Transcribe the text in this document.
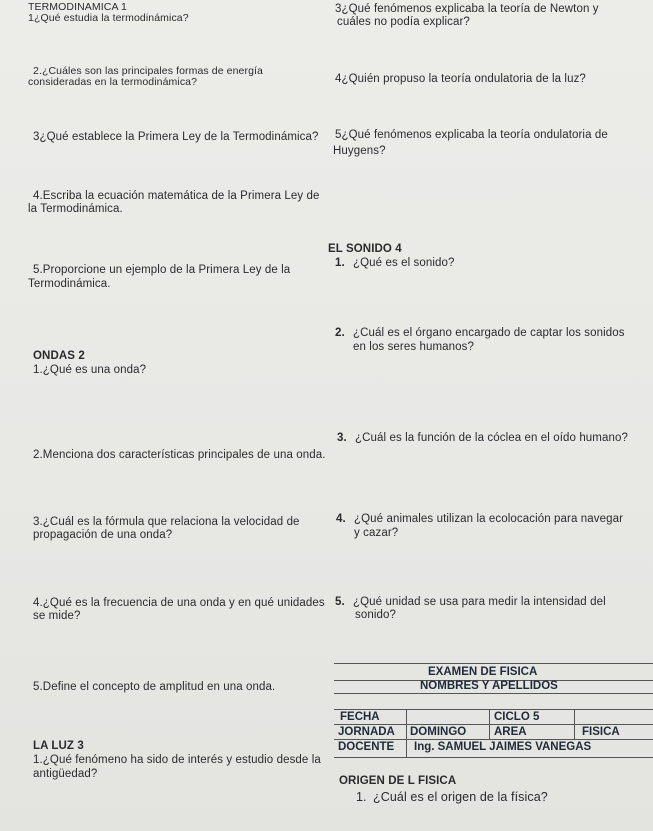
TERMODINAMICA 1
1¿Qué estudia la termodinámica?
2.¿Cuáles son las principales formas de energía
consideradas en la termodinámica?
3¿Qué establece la Primera Ley de la Termodinámica?
4.Escriba la ecuación matemática de la Primera Ley de
la Termodinámica.
5.Proporcione un ejemplo de la Primera Ley de la
Termodinámica.
3¿Qué fenómenos explicaba la teoría de Newton y
cuáles no podía explicar?
4¿Quién propuso la teoría ondulatoria de la luz?
5¿Qué fenómenos explicaba la teoría ondulatoria de
Huygens?
EL SONIDO 4
1. ¿Qué es el sonido?
2. ¿Cuál es el órgano encargado de captar los sonidos
en los seres humanos?
3. ¿Cuál es la función de la cóclea en el oído humano?
4. ¿Qué animales utilizan la ecolocación para navegar
y cazar?
5. ¿Qué unidad se usa para medir la intensidad del
sonido?
ONDAS 2
1.¿Qué es una onda?
2.Menciona dos características principales de una onda.
3.¿Cuál es la fórmula que relaciona la velocidad de
propagación de una onda?
4.¿Qué es la frecuencia de una onda y en qué unidades
se mide?
5.Define el concepto de amplitud en una onda.
LA LUZ 3
1.¿Qué fenómeno ha sido de interés y estudio desde la
antigüedad?
EXAMEN DE FISICA
NOMBRES Y APELLIDOS
FECHA	CICLO 5
JORNADA DOMINGO AREA	FISICA
DOCENTE Ing. SAMUEL JAIMES VANEGAS
ORIGEN DE L FISICA
1. ¿Cuál es el origen de la física?
